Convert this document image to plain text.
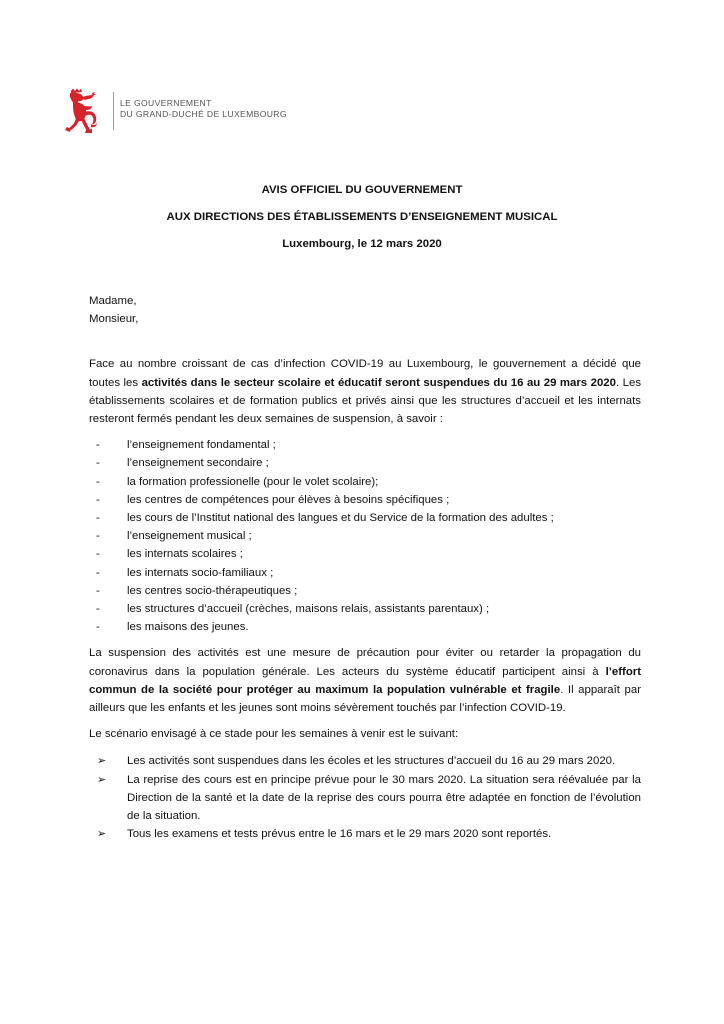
LE GOUVERNEMENT
DU GRAND-DUCHÉ DE LUXEMBOURG

AVIS OFFICIEL DU GOUVERNEMENT

AUX DIRECTIONS DES ÉTABLISSEMENTS D’ENSEIGNEMENT MUSICAL

Luxembourg, le 12 mars 2020

Madame,

Monsieur,

Face au nombre croissant de cas d’infection COVID-19 au Luxembourg, le gouvernement a décidé que toutes les activités dans le secteur scolaire et éducatif seront suspendues du 16 au 29 mars 2020. Les établissements scolaires et de formation publics et privés ainsi que les structures d’accueil et les internats resteront fermés pendant les deux semaines de suspension, à savoir :

- l’enseignement fondamental ;
- l’enseignement secondaire ;
- la formation professionelle (pour le volet scolaire);
- les centres de compétences pour élèves à besoins spécifiques ;
- les cours de l’Institut national des langues et du Service de la formation des adultes ;
- l’enseignement musical ;
- les internats scolaires ;
- les internats socio-familiaux ;
- les centres socio-thérapeutiques ;
- les structures d’accueil (crèches, maisons relais, assistants parentaux) ;
- les maisons des jeunes.

La suspension des activités est une mesure de précaution pour éviter ou retarder la propagation du coronavirus dans la population générale. Les acteurs du système éducatif participent ainsi à l’effort commun de la société pour protéger au maximum la population vulnérable et fragile. Il apparaît par ailleurs que les enfants et les jeunes sont moins sévèrement touchés par l’infection COVID-19.

Le scénario envisagé à ce stade pour les semaines à venir est le suivant:

➢ Les activités sont suspendues dans les écoles et les structures d’accueil du 16 au 29 mars 2020.
➢ La reprise des cours est en principe prévue pour le 30 mars 2020. La situation sera réévaluée par la Direction de la santé et la date de la reprise des cours pourra être adaptée en fonction de l’évolution de la situation.
➢ Tous les examens et tests prévus entre le 16 mars et le 29 mars 2020 sont reportés.
